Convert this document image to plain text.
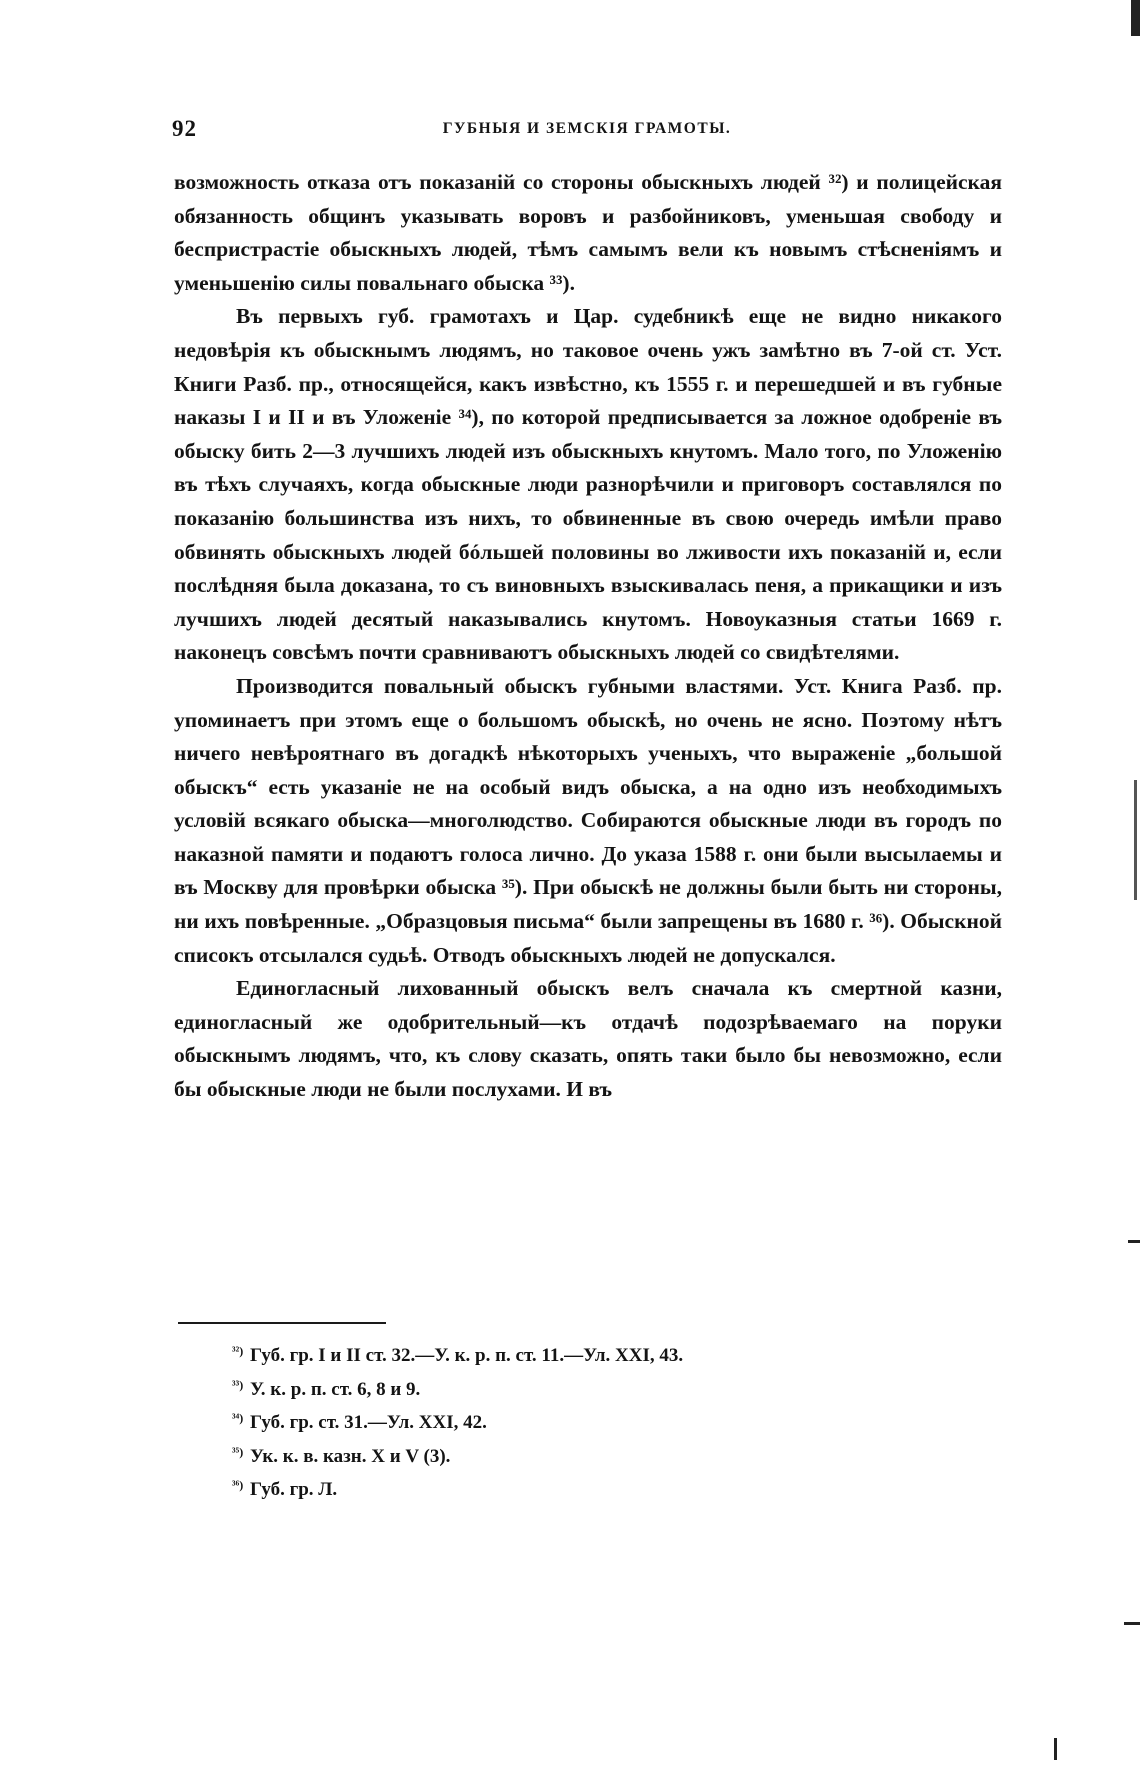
92	ГУБНЫЯ И ЗЕМСКІЯ ГРАМОТЫ.

возможность отказа отъ показаній со стороны обыскныхъ людей ³²) и полицейская обязанность общинъ указывать воровъ и разбойниковъ, уменьшая свободу и беспристрастіе обыскныхъ людей, тѣмъ самымъ вели къ новымъ стѣсненіямъ и уменьшенію силы повальнаго обыска ³³).

Въ первыхъ губ. грамотахъ и Цар. судебникѣ еще не видно никакого недовѣрія къ обыскнымъ людямъ, но таковое очень ужъ замѣтно въ 7-ой ст. Уст. Книги Разб. пр., относящейся, какъ извѣстно, къ 1555 г. и перешедшей и въ губные наказы I и II и въ Уложеніе ³⁴), по которой предписывается за ложное одобреніе въ обыску бить 2—3 лучшихъ людей изъ обыскныхъ кнутомъ. Мало того, по Уложенію въ тѣхъ случаяхъ, когда обыскные люди разнорѣчили и приговоръ составлялся по показанію большинства изъ нихъ, то обвиненные въ свою очередь имѣли право обвинять обыскныхъ людей бóльшей половины во лживости ихъ показаній и, если послѣдняя была доказана, то съ виновныхъ взыскивалась пеня, а прикащики и изъ лучшихъ людей десятый наказывались кнутомъ. Новоуказныя статьи 1669 г. наконецъ совсѣмъ почти сравниваютъ обыскныхъ людей со свидѣтелями.

Производится повальный обыскъ губными властями. Уст. Книга Разб. пр. упоминаетъ при этомъ еще о большомъ обыскѣ, но очень не ясно. Поэтому нѣтъ ничего невѣроятнаго въ догадкѣ нѣкоторыхъ ученыхъ, что выраженіе „большой обыскъ“ есть указаніе не на особый видъ обыска, а на одно изъ необходимыхъ условій всякаго обыска—многолюдство. Собираются обыскные люди въ городъ по наказной памяти и подаютъ голоса лично. До указа 1588 г. они были высылаемы и въ Москву для провѣрки обыска ³⁵). При обыскѣ не должны были быть ни стороны, ни ихъ повѣренные. „Образцовыя письма“ были запрещены въ 1680 г. ³⁶). Обыскной списокъ отсылался судьѣ. Отводъ обыскныхъ людей не допускался.

Единогласный лихованный обыскъ велъ сначала къ смертной казни, единогласный же одобрительный—къ отдачѣ подозрѣваемаго на поруки обыскнымъ людямъ, что, къ слову сказать, опять таки было бы невозможно, если бы обыскные люди не были послухами. И въ

$^{^{32})}$ Губ. гр. I и II ст. 32.—У. к. р. п. ст. 11.—Ул. XXI, 43.
$^{^{33})}$ У. к. р. п. ст. 6, 8 и 9.
$^{^{34})}$ Губ. гр. ст. 31.—Ул. XXI, 42.
$^{^{35})}$ Ук. к. в. казн. X и V (3).
$^{^{36})}$ Губ. гр. Л.
